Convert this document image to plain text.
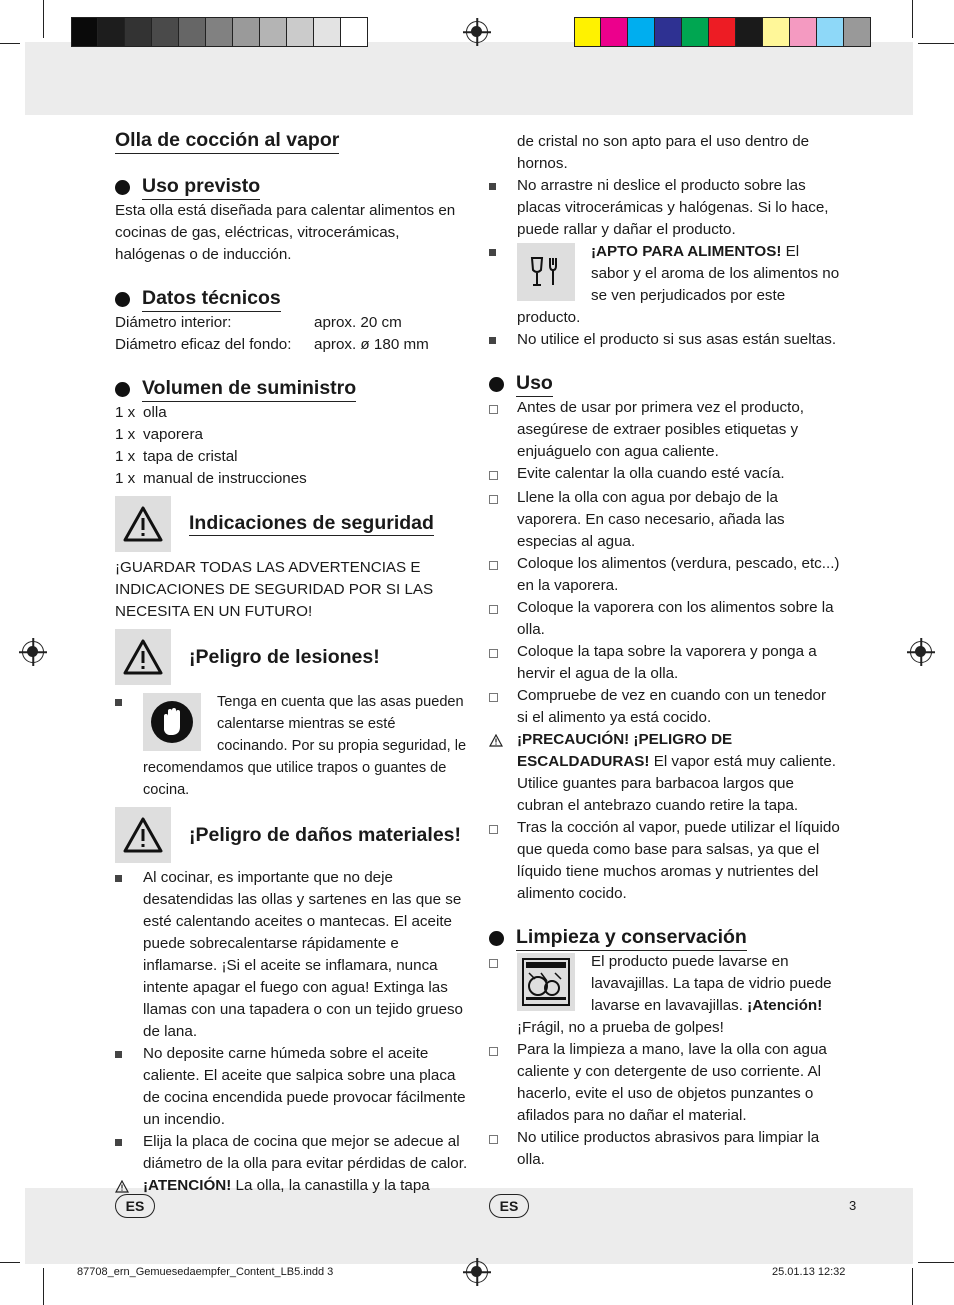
Olla de cocción al vapor
Uso previsto

Esta olla está diseñada para calentar alimentos en cocinas de gas, eléctricas, vitrocerámicas, halógenas o de inducción.

Datos técnicos
Diámetro interior:	aprox. 20 cm
Diámetro eficaz del fondo:	aprox. ø 180 mm
Volumen de suministro
1 x olla
1 x vaporera
1 x tapa de cristal
1 x manual de instrucciones
Indicaciones de seguridad

¡GUARDAR TODAS LAS ADVERTENCIAS E INDICACIONES DE SEGURIDAD POR SI LAS NECESITA EN UN FUTURO!

¡Peligro de lesiones!
Tenga en cuenta que las asas pueden calentarse mientras se esté cocinando. Por su propia seguridad, le recomendamos que utilice trapos o guantes de cocina.
¡Peligro de daños materiales!
Al cocinar, es importante que no deje desatendidas las ollas y sartenes en las que se esté calentando aceites o mantecas. El aceite puede sobrecalentarse rápidamente e inflamarse. ¡Si el aceite se inflamara, nunca intente apagar el fuego con agua! Extinga las llamas con una tapadera o con un tejido grueso de lana.
No deposite carne húmeda sobre el aceite caliente. El aceite que salpica sobre una placa de cocina encendida puede provocar fácilmente un incendio.
Elija la placa de cocina que mejor se adecue al diámetro de la olla para evitar pérdidas de calor.
¡ATENCIÓN! La olla, la canastilla y la tapa
de cristal no son apto para el uso dentro de hornos.
No arrastre ni deslice el producto sobre las placas vitrocerámicas y halógenas. Si lo hace, puede rallar y dañar el producto.
¡APTO PARA ALIMENTOS! El sabor y el aroma de los alimentos no se ven perjudicados por este producto.
No utilice el producto si sus asas están sueltas.
Uso
Antes de usar por primera vez el producto, asegúrese de extraer posibles etiquetas y enjuáguelo con agua caliente.
Evite calentar la olla cuando esté vacía.
Llene la olla con agua por debajo de la vaporera. En caso necesario, añada las especias al agua.
Coloque los alimentos (verdura, pescado, etc...) en la vaporera.
Coloque la vaporera con los alimentos sobre la olla.
Coloque la tapa sobre la vaporera y ponga a hervir el agua de la olla.
Compruebe de vez en cuando con un tenedor si el alimento ya está cocido.
¡PRECAUCIÓN! ¡PELIGRO DE ESCALDADURAS! El vapor está muy caliente. Utilice guantes para barbacoa largos que cubran el antebrazo cuando retire la tapa.
Tras la cocción al vapor, puede utilizar el líquido que queda como base para salsas, ya que el líquido tiene muchos aromas y nutrientes del alimento cocido.
Limpieza y conservación
El producto puede lavarse en lavavajillas. La tapa de vidrio puede lavarse en lavavajillas. ¡Atención! ¡Frágil, no a prueba de golpes!
Para la limpieza a mano, lave la olla con agua caliente y con detergente de uso corriente. Al hacerlo, evite el uso de objetos punzantes o afilados para no dañar el material.
No utilice productos abrasivos para limpiar la olla.
ES	ES	3
87708_ern_Gemuesedaempfer_Content_LB5.indd 3	25.01.13 12:32
